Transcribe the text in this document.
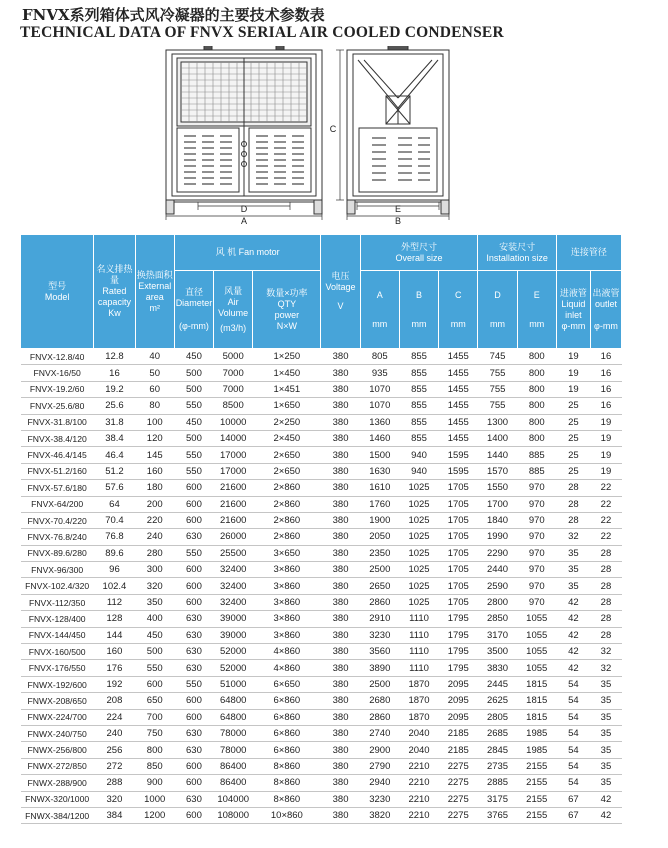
FNVX系列箱体式风冷凝器的主要技术参数表
TECHNICAL DATA OF FNVX SERIAL AIR COOLED CONDENSER
D
A
C
E
B
型号
Model	名义排热量
Rated
capacity
Kw	换热面积
External
area
m²	风 机 Fan motor			电压
Voltage
V	外型尺寸
Overall size			安装尺寸
Installation size		连接管径	

			直径
Diameter
(φ-mm)	风量
Air
Volume
(m3/h)	数量×功率
QTY
power
N×W		A
mm	B
mm	C
mm	D
mm	E
mm	进液管
Liquid
inlet
φ-mm	出液管
outlet
φ-mm

FNVX-12.8/40	12.8	40	450	5000	1×250	380	805	855	1455	745	800	19	16
FNVX-16/50	16	50	500	7000	1×450	380	935	855	1455	755	800	19	16
FNVX-19.2/60	19.2	60	500	7000	1×451	380	1070	855	1455	755	800	19	16
FNVX-25.6/80	25.6	80	550	8500	1×650	380	1070	855	1455	755	800	25	16
FNVX-31.8/100	31.8	100	450	10000	2×250	380	1360	855	1455	1300	800	25	19
FNVX-38.4/120	38.4	120	500	14000	2×450	380	1460	855	1455	1400	800	25	19
FNVX-46.4/145	46.4	145	550	17000	2×650	380	1500	940	1595	1440	885	25	19
FNVX-51.2/160	51.2	160	550	17000	2×650	380	1630	940	1595	1570	885	25	19
FNVX-57.6/180	57.6	180	600	21600	2×860	380	1610	1025	1705	1550	970	28	22
FNVX-64/200	64	200	600	21600	2×860	380	1760	1025	1705	1700	970	28	22
FNVX-70.4/220	70.4	220	600	21600	2×860	380	1900	1025	1705	1840	970	28	22
FNVX-76.8/240	76.8	240	630	26000	2×860	380	2050	1025	1705	1990	970	32	22
FNVX-89.6/280	89.6	280	550	25500	3×650	380	2350	1025	1705	2290	970	35	28
FNVX-96/300	96	300	600	32400	3×860	380	2500	1025	1705	2440	970	35	28
FNVX-102.4/320	102.4	320	600	32400	3×860	380	2650	1025	1705	2590	970	35	28
FNVX-112/350	112	350	600	32400	3×860	380	2860	1025	1705	2800	970	42	28
FNVX-128/400	128	400	630	39000	3×860	380	2910	1110	1795	2850	1055	42	28
FNVX-144/450	144	450	630	39000	3×860	380	3230	1110	1795	3170	1055	42	28
FNVX-160/500	160	500	630	52000	4×860	380	3560	1110	1795	3500	1055	42	32
FNVX-176/550	176	550	630	52000	4×860	380	3890	1110	1795	3830	1055	42	32
FNWX-192/600	192	600	550	51000	6×650	380	2500	1870	2095	2445	1815	54	35
FNWX-208/650	208	650	600	64800	6×860	380	2680	1870	2095	2625	1815	54	35
FNWX-224/700	224	700	600	64800	6×860	380	2860	1870	2095	2805	1815	54	35
FNWX-240/750	240	750	630	78000	6×860	380	2740	2040	2185	2685	1985	54	35
FNWX-256/800	256	800	630	78000	6×860	380	2900	2040	2185	2845	1985	54	35
FNWX-272/850	272	850	600	86400	8×860	380	2790	2210	2275	2735	2155	54	35
FNWX-288/900	288	900	600	86400	8×860	380	2940	2210	2275	2885	2155	54	35
FNWX-320/1000	320	1000	630	104000	8×860	380	3230	2210	2275	3175	2155	67	42
FNWX-384/1200	384	1200	600	108000	10×860	380	3820	2210	2275	3765	2155	67	42
